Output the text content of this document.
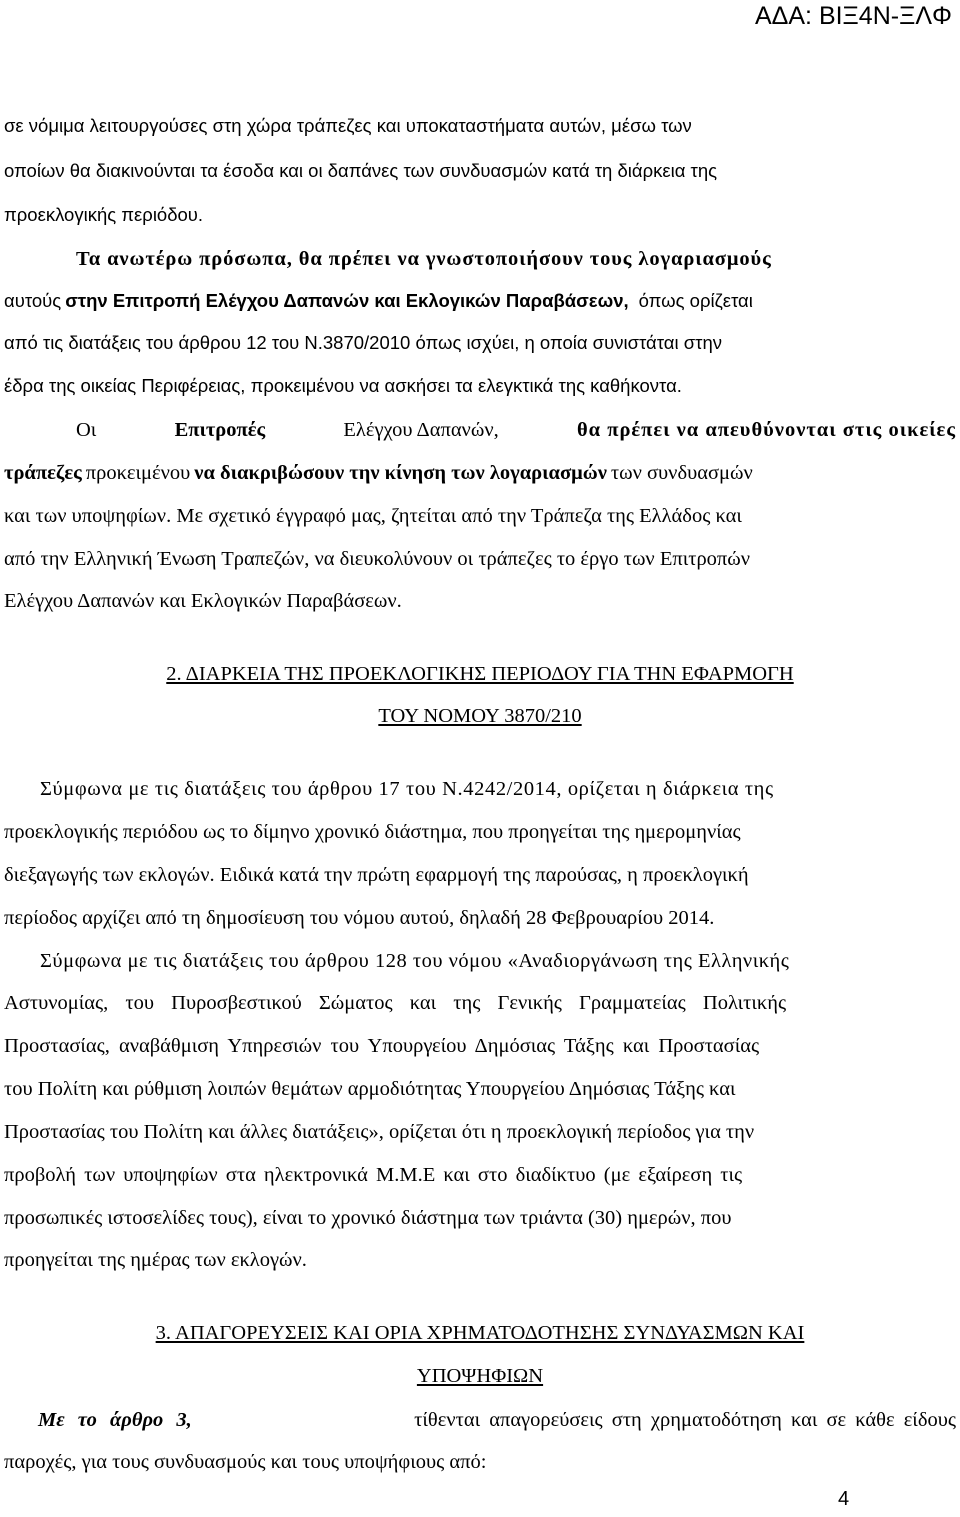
ΑΔΑ: ΒΙΞ4Ν-ΞΛΦ
σε νόμιμα λειτουργούσες στη χώρα τράπεζες και υποκαταστήματα αυτών, μέσω των
οποίων θα διακινούνται τα έσοδα και οι δαπάνες των συνδυασμών κατά τη διάρκεια της
προεκλογικής περιόδου.
Τα ανωτέρω πρόσωπα, θα πρέπει να γνωστοποιήσουν τους λογαριασμούς
αυτούς στην Επιτροπή Ελέγχου Δαπανών και Εκλογικών Παραβάσεων, όπως ορίζεται
από τις διατάξεις του άρθρου 12 του Ν.3870/2010 όπως ισχύει, η οποία συνιστάται στην
έδρα της οικείας Περιφέρειας, προκειμένου να ασκήσει τα ελεγκτικά της καθήκοντα.
Οι	Επιτροπές	Ελέγχου Δαπανών,	θα πρέπει να απευθύνονται στις οικείες
τράπεζες προκειμένου να διακριβώσουν την κίνηση των λογαριασμών των συνδυασμών
και των υποψηφίων. Με σχετικό έγγραφό μας, ζητείται από την Τράπεζα της Ελλάδος και
από την Ελληνική Ένωση Τραπεζών, να διευκολύνουν οι τράπεζες το έργο των Επιτροπών
Ελέγχου Δαπανών και Εκλογικών Παραβάσεων.
2. ΔΙΑΡΚΕΙΑ ΤΗΣ ΠΡΟΕΚΛΟΓΙΚΗΣ ΠΕΡΙΟΔΟΥ ΓΙΑ ΤΗΝ ΕΦΑΡΜΟΓΗ
ΤΟΥ ΝΟΜΟΥ 3870/210
Σύμφωνα με τις διατάξεις του άρθρου 17 του Ν.4242/2014, ορίζεται η διάρκεια της
προεκλογικής περιόδου ως το δίμηνο χρονικό διάστημα, που προηγείται της ημερομηνίας
διεξαγωγής των εκλογών. Ειδικά κατά την πρώτη εφαρμογή της παρούσας, η προεκλογική
περίοδος αρχίζει από τη δημοσίευση του νόμου αυτού, δηλαδή 28 Φεβρουαρίου 2014.
Σύμφωνα με τις διατάξεις του άρθρου 128 του νόμου «Αναδιοργάνωση της Ελληνικής
Αστυνομίας, του Πυροσβεστικού Σώματος και της Γενικής Γραμματείας Πολιτικής
Προστασίας, αναβάθμιση Υπηρεσιών του Υπουργείου Δημόσιας Τάξης και Προστασίας
του Πολίτη και ρύθμιση λοιπών θεμάτων αρμοδιότητας Υπουργείου Δημόσιας Τάξης και
Προστασίας του Πολίτη και άλλες διατάξεις», ορίζεται ότι η προεκλογική περίοδος για την
προβολή των υποψηφίων στα ηλεκτρονικά Μ.Μ.Ε και στο διαδίκτυο (με εξαίρεση τις
προσωπικές ιστοσελίδες τους), είναι το χρονικό διάστημα των τριάντα (30) ημερών, που
προηγείται της ημέρας των εκλογών.
3. ΑΠΑΓΟΡΕΥΣΕΙΣ ΚΑΙ ΟΡΙΑ ΧΡΗΜΑΤΟΔΟΤΗΣΗΣ ΣΥΝΔΥΑΣΜΩΝ ΚΑΙ
ΥΠΟΨΗΦΙΩΝ
Με το άρθρο 3,	τίθενται απαγορεύσεις στη χρηματοδότηση και σε κάθε είδους
παροχές, για τους συνδυασμούς και τους υποψήφιους από:
4
